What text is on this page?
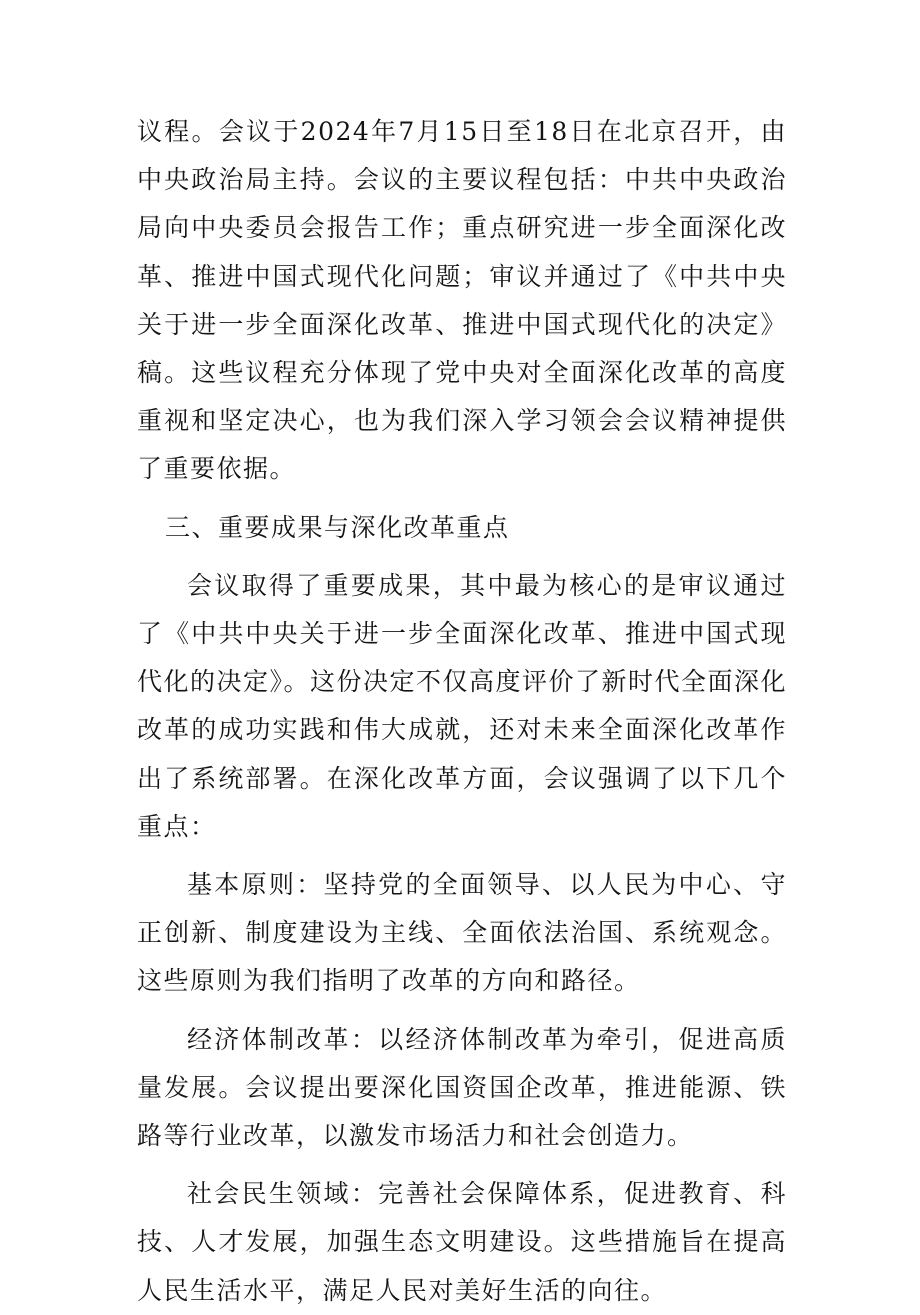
议程。会议于2024年7月15日至18日在北京召开，由中央政治局主持。会议的主要议程包括：中共中央政治局向中央委员会报告工作；重点研究进一步全面深化改革、推进中国式现代化问题；审议并通过了《中共中央关于进一步全面深化改革、推进中国式现代化的决定》稿。这些议程充分体现了党中央对全面深化改革的高度重视和坚定决心，也为我们深入学习领会会议精神提供了重要依据。

三、重要成果与深化改革重点

会议取得了重要成果，其中最为核心的是审议通过了《中共中央关于进一步全面深化改革、推进中国式现代化的决定》。这份决定不仅高度评价了新时代全面深化改革的成功实践和伟大成就，还对未来全面深化改革作出了系统部署。在深化改革方面，会议强调了以下几个重点：

基本原则：坚持党的全面领导、以人民为中心、守正创新、制度建设为主线、全面依法治国、系统观念。这些原则为我们指明了改革的方向和路径。

经济体制改革：以经济体制改革为牵引，促进高质量发展。会议提出要深化国资国企改革，推进能源、铁路等行业改革，以激发市场活力和社会创造力。

社会民生领域：完善社会保障体系，促进教育、科技、人才发展，加强生态文明建设。这些措施旨在提高人民生活水平，满足人民对美好生活的向往。
